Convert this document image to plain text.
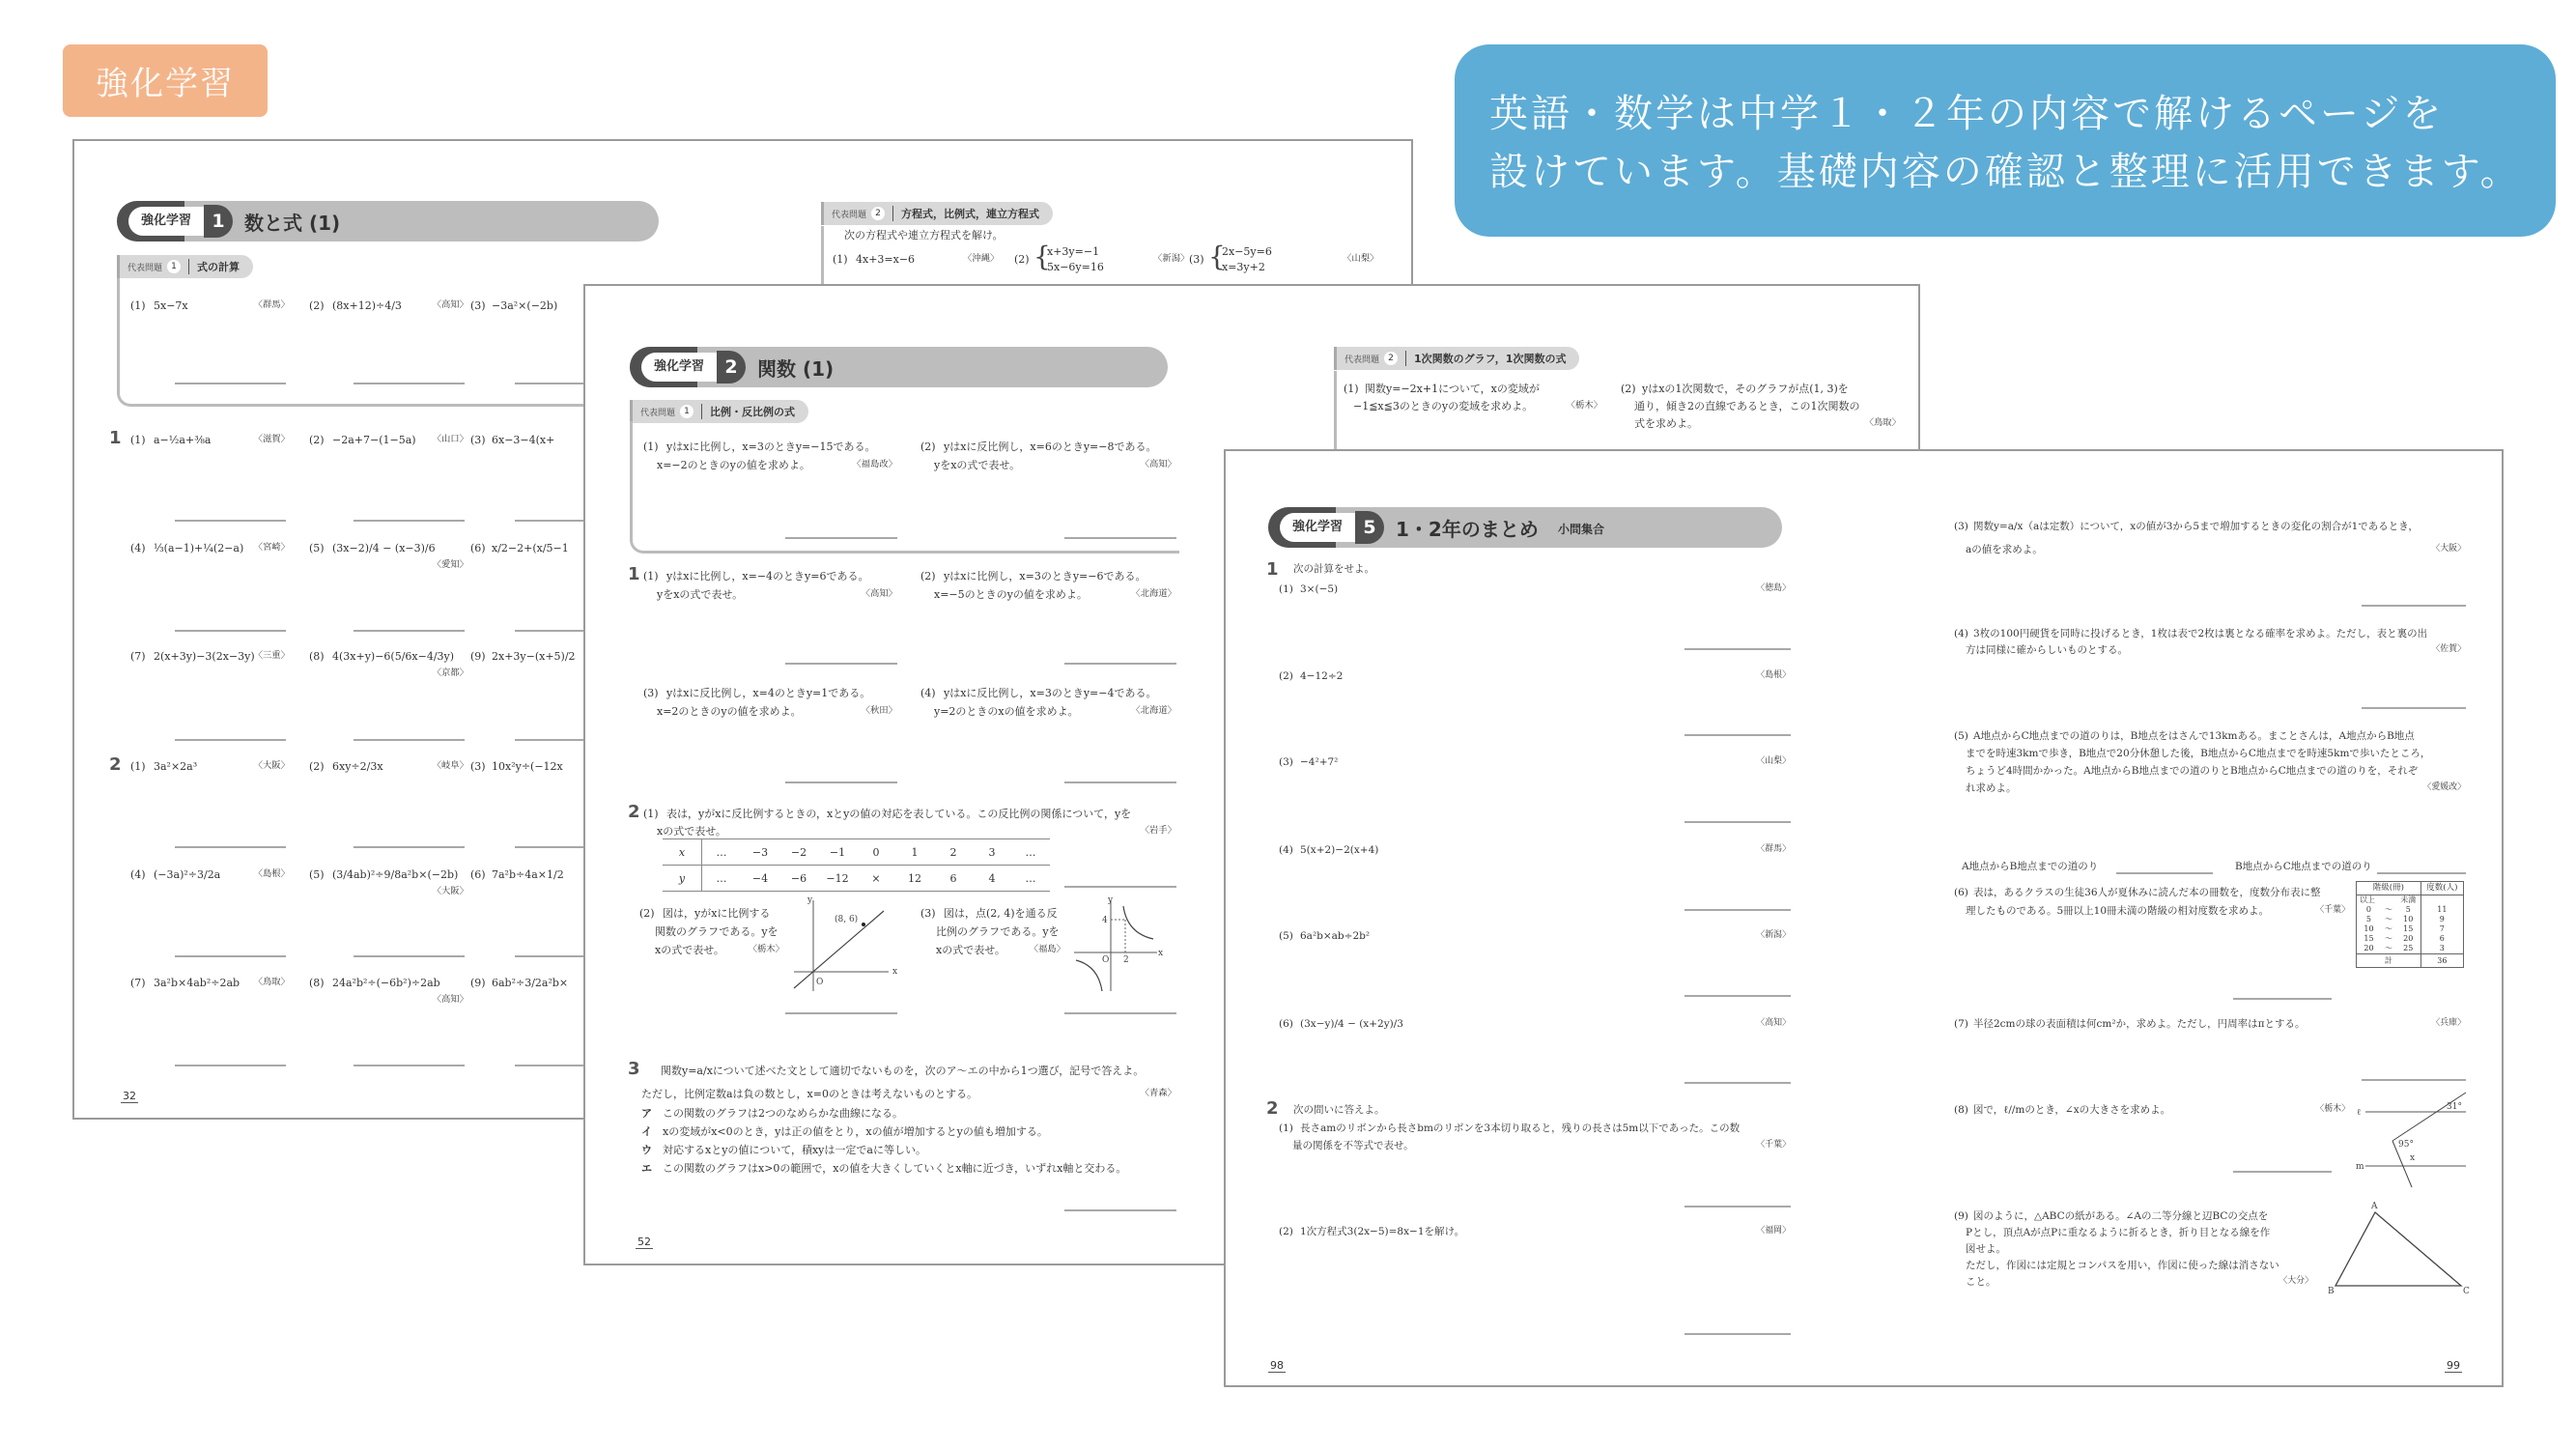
強化学習
英語・数学は中学１・２年の内容で解けるページを
設けています。基礎内容の確認と整理に活用できます。
強化学習	1	数と式 (1)
代表問題	1	式の計算
(1) 5x−7x	〈群馬〉 (2) (8x+12)÷4/3	〈高知〉 (3) −3a²×(−2b)
1 (1) a−½a+⅜a	〈滋賀〉 (2) −2a+7−(1−5a)	〈山口〉 (3) 6x−3−4(x+
(4) ⅓(a−1)+¼(2−a)	〈宮崎〉 (5) (3x−2)/4 − (x−3)/6
〈愛知〉
(6) x/2−2+(x/5−1
(7) 2(x+3y)−3(2x−3y)
〈三重〉 (8) 4(3x+y)−6(5/6x−4/3y)
〈京都〉
(9) 2x+3y−(x+5)/2
2 (1) 3a²×2a³	〈大阪〉 (2) 6xy÷2/3x	〈岐阜〉 (3) 10x²y÷(−12x
(4) (−3a)²÷3/2a	〈島根〉 (5) (3/4ab)²÷9/8a²b×(−2b)
〈大阪〉
(6) 7a²b÷4a×1/2
(7) 3a²b×4ab²÷2ab	〈鳥取〉 (8) 24a²b²÷(−6b²)÷2ab
〈高知〉
(9) 6ab²÷3/2a²b×
32
代表問題	2	方程式，比例式，連立方程式
次の方程式や連立方程式を解け。
(1) 4x+3=x−6	〈沖縄〉 (2) {
x+3y=−1
5x−6y=16
〈新潟〉 (3) {
2x−5y=6
x=3y+2
〈山梨〉
強化学習	2	関数 (1)
代表問題	1	比例・反比例の式
(1) yはxに比例し，x=3のときy=−15である。
x=−2のときのyの値を求めよ。	〈福島改〉
(2) yはxに反比例し，x=6のときy=−8である。
yをxの式で表せ。	〈高知〉
1 (1) yはxに比例し，x=−4のときy=6である。
yをxの式で表せ。	〈高知〉
(2) yはxに比例し，x=3のときy=−6である。
x=−5のときのyの値を求めよ。	〈北海道〉
(3) yはxに反比例し，x=4のときy=1である。
x=2のときのyの値を求めよ。	〈秋田〉
(4) yはxに反比例し，x=3のときy=−4である。
y=2のときのxの値を求めよ。	〈北海道〉
2 (1) 表は，yがxに反比例するときの，xとyの値の対応を表している。この反比例の関係について，yを
xの式で表せ。	〈岩手〉
x	…	−3	−2	−1	0	1	2	3	…
y	…	−4	−6	−12	×	12	6	4	…
(2) 図は，yがxに比例する
関数のグラフである。yを
xの式で表せ。	〈栃木〉
(3) 図は，点(2, 4)を通る反
比例のグラフである。yを
xの式で表せ。	〈福島〉
y
x
O
(8, 6)
y
x
O
4
2
3 関数y=a/xについて述べた文として適切でないものを，次のア〜エの中から1つ選び，記号で答えよ。
ただし，比例定数aは負の数とし，x=0のときは考えないものとする。	〈青森〉
ア この関数のグラフは2つのなめらかな曲線になる。
イ xの変域がx<0のとき，yは正の値をとり，xの値が増加するとyの値も増加する。
ウ 対応するxとyの値について，積xyは一定でaに等しい。
エ この関数のグラフはx>0の範囲で，xの値を大きくしていくとx軸に近づき，いずれx軸と交わる。
52
代表問題	2	1次関数のグラフ，1次関数の式
(1) 関数y=−2x+1について，xの変域が
−1≦x≦3のときのyの変域を求めよ。	〈栃木〉
(2) yはxの1次関数で，そのグラフが点(1, 3)を
通り，傾き2の直線であるとき，この1次関数の
式を求めよ。	〈鳥取〉
強化学習	5	1・2年のまとめ 小問集合
1 次の計算をせよ。
(1) 3×(−5)	〈徳島〉
(2) 4−12÷2	〈島根〉
(3) −4²+7²	〈山梨〉
(4) 5(x+2)−2(x+4)	〈群馬〉
(5) 6a²b×ab÷2b²	〈新潟〉
(6) (3x−y)/4 − (x+2y)/3	〈高知〉
2 次の問いに答えよ。
(1) 長さamのリボンから長さbmのリボンを3本切り取ると，残りの長さは5m以下であった。この数
量の関係を不等式で表せ。	〈千葉〉
(2) 1次方程式3(2x−5)=8x−1を解け。	〈福岡〉
98	99
(3) 関数y=a/x（aは定数）について，xの値が3から5まで増加するときの変化の割合が1であるとき，
aの値を求めよ。	〈大阪〉
(4) 3枚の100円硬貨を同時に投げるとき，1枚は表で2枚は裏となる確率を求めよ。ただし，表と裏の出
方は同様に確からしいものとする。	〈佐賀〉
(5) A地点からC地点までの道のりは，B地点をはさんで13kmある。まことさんは，A地点からB地点
までを時速3kmで歩き，B地点で20分休憩した後，B地点からC地点までを時速5kmで歩いたところ，
ちょうど4時間かかった。A地点からB地点までの道のりとB地点からC地点までの道のりを，それぞ
れ求めよ。	〈愛媛改〉
A地点からB地点までの道のり	B地点からC地点までの道のり
(6) 表は，あるクラスの生徒36人が夏休みに読んだ本の冊数を，度数分布表に整
理したものである。5冊以上10冊未満の階級の相対度数を求めよ。	〈千葉〉
階級(冊)			度数(人)
以上		未満	
0	〜	5	11
5	〜	10	9
10	〜	15	7
15	〜	20	6
20	〜	25	3
計			36
(7) 半径2cmの球の表面積は何cm²か，求めよ。ただし，円周率はπとする。	〈兵庫〉
(8) 図で，ℓ//mのとき，∠xの大きさを求めよ。	〈栃木〉 ℓ
m
31°
95°
x
(9) 図のように，△ABCの紙がある。∠Aの二等分線と辺BCの交点を
Pとし，頂点Aが点Pに重なるように折るとき，折り目となる線を作
図せよ。
ただし，作図には定規とコンパスを用い，作図に使った線は消さない
こと。	〈大分〉
A
B	C
